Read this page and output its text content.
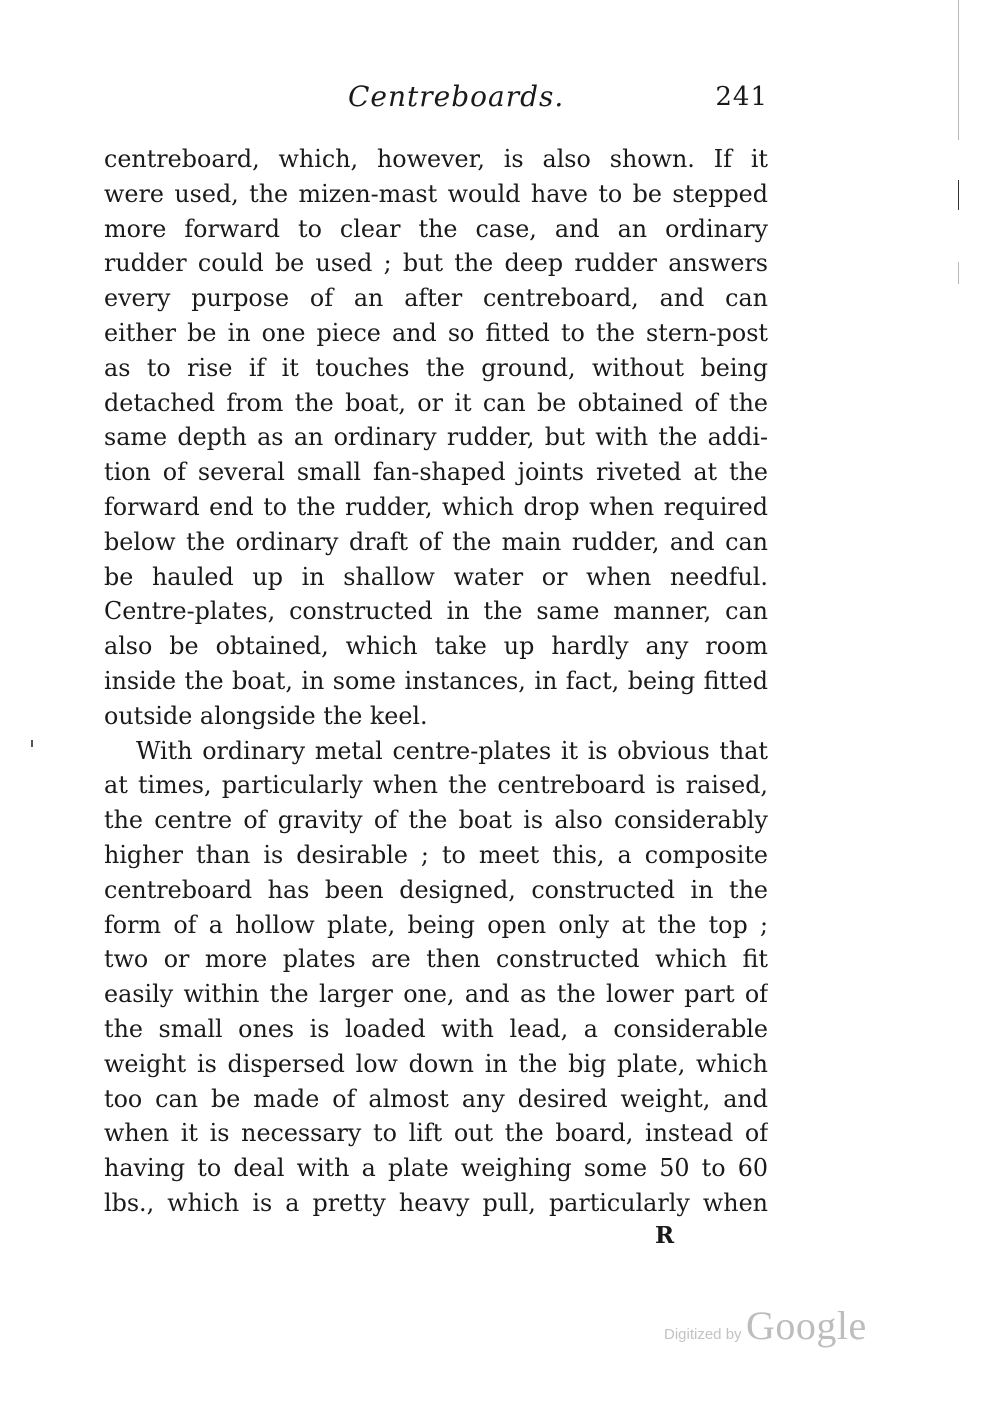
Centreboards.	241
centreboard, which, however, is also shown. If it
were used, the mizen-mast would have to be stepped
more forward to clear the case, and an ordinary
rudder could be used ; but the deep rudder answers
every purpose of an after centreboard, and can
either be in one piece and so fitted to the stern-post
as to rise if it touches the ground, without being
detached from the boat, or it can be obtained of the
same depth as an ordinary rudder, but with the addi-
tion of several small fan-shaped joints riveted at the
forward end to the rudder, which drop when required
below the ordinary draft of the main rudder, and can
be hauled up in shallow water or when needful.
Centre-plates, constructed in the same manner, can
also be obtained, which take up hardly any room
inside the boat, in some instances, in fact, being fitted
outside alongside the keel.
With ordinary metal centre-plates it is obvious that
at times, particularly when the centreboard is raised,
the centre of gravity of the boat is also considerably
higher than is desirable ; to meet this, a composite
centreboard has been designed, constructed in the
form of a hollow plate, being open only at the top ;
two or more plates are then constructed which fit
easily within the larger one, and as the lower part of
the small ones is loaded with lead, a considerable
weight is dispersed low down in the big plate, which
too can be made of almost any desired weight, and
when it is necessary to lift out the board, instead of
having to deal with a plate weighing some 50 to 60
lbs., which is a pretty heavy pull, particularly when
R
Digitized by Google
